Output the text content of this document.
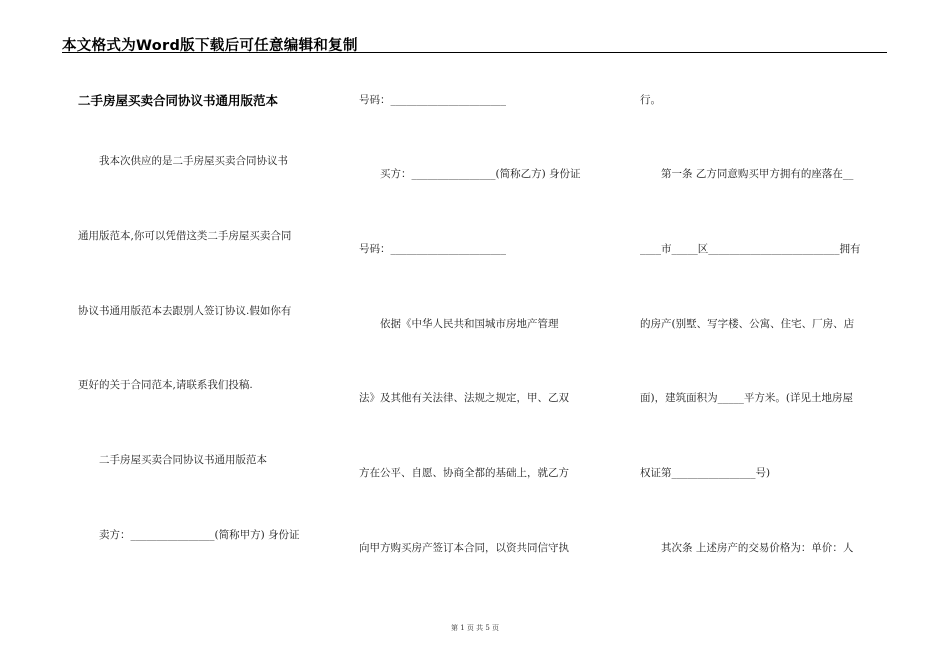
本文格式为Word版下载后可任意编辑和复制
二手房屋买卖合同协议书通用版范本
　　我本次供应的是二手房屋买卖合同协议书
通用版范本,你可以凭借这类二手房屋买卖合同
协议书通用版范本去跟别人签订协议.假如你有
更好的关于合同范本,请联系我们投稿.
　　二手房屋买卖合同协议书通用版范本
　　卖方：________________(简称甲方) 身份证
号码：______________________
　　买方：________________(简称乙方) 身份证
号码：______________________
　　依据《中华人民共和国城市房地产管理
法》及其他有关法律、法规之规定，甲、乙双
方在公平、自愿、协商全都的基础上，就乙方
向甲方购买房产签订本合同，以资共同信守执
行。
　　第一条 乙方同意购买甲方拥有的座落在__
____市_____区_________________________拥有
的房产(别墅、写字楼、公寓、住宅、厂房、店
面)，建筑面积为_____平方米。(详见土地房屋
权证第________________号)
　　其次条 上述房产的交易价格为：单价：人
第 1 页 共 5 页
